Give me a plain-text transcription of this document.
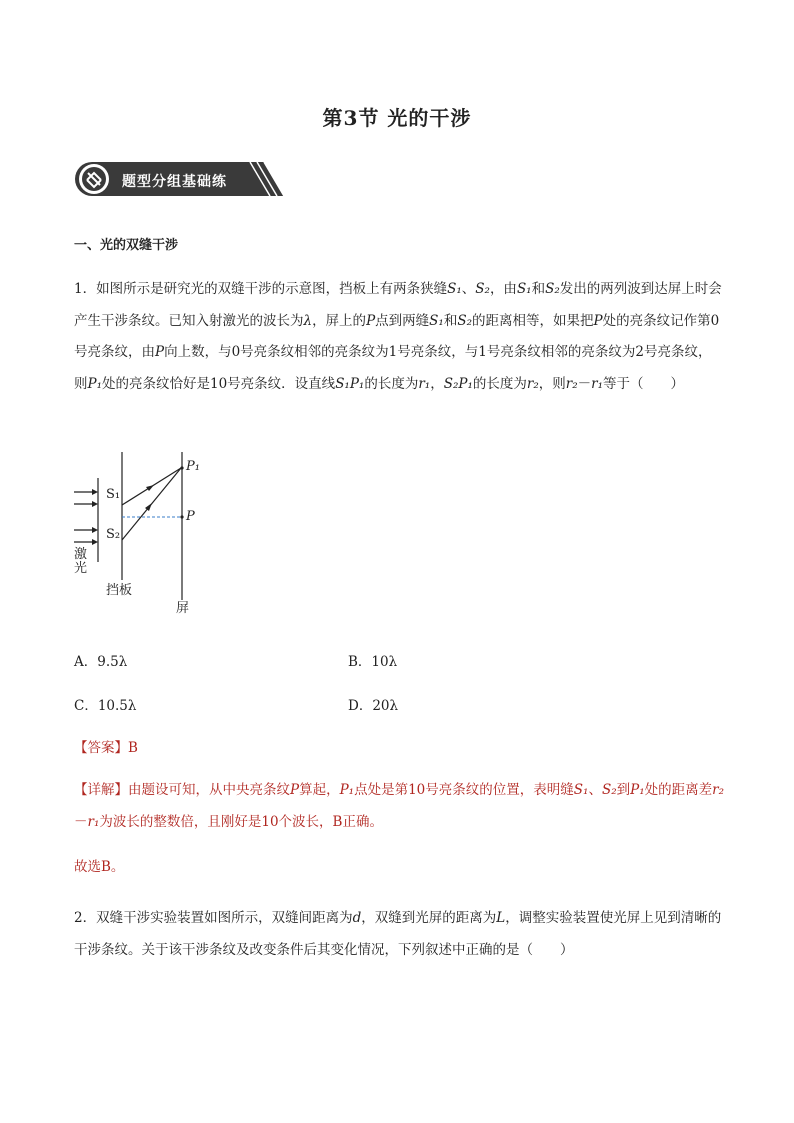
第3节 光的干涉
题型分组基础练
一、光的双缝干涉
1．如图所示是研究光的双缝干涉的示意图，挡板上有两条狭缝S₁、S₂，由S₁和S₂发出的两列波到达屏上时会产生干涉条纹。已知入射激光的波长为λ，屏上的P点到两缝S₁和S₂的距离相等，如果把P处的亮条纹记作第0号亮条纹，由P向上数，与0号亮条纹相邻的亮条纹为1号亮条纹，与1号亮条纹相邻的亮条纹为2号亮条纹，则P₁处的亮条纹恰好是10号亮条纹．设直线S₁P₁的长度为r₁，S₂P₁的长度为r₂，则r₂－r₁等于（　　）
S₁
S₂
P₁
P
激光
挡板
屏
A．9.5λ	B．10λ
C．10.5λ	D．20λ
【答案】B
【详解】由题设可知，从中央亮条纹P算起，P₁点处是第10号亮条纹的位置，表明缝S₁、S₂到P₁处的距离差r₂－r₁为波长的整数倍，且刚好是10个波长，B正确。
故选B。
2．双缝干涉实验装置如图所示，双缝间距离为d，双缝到光屏的距离为L，调整实验装置使光屏上见到清晰的干涉条纹。关于该干涉条纹及改变条件后其变化情况，下列叙述中正确的是（　　）
